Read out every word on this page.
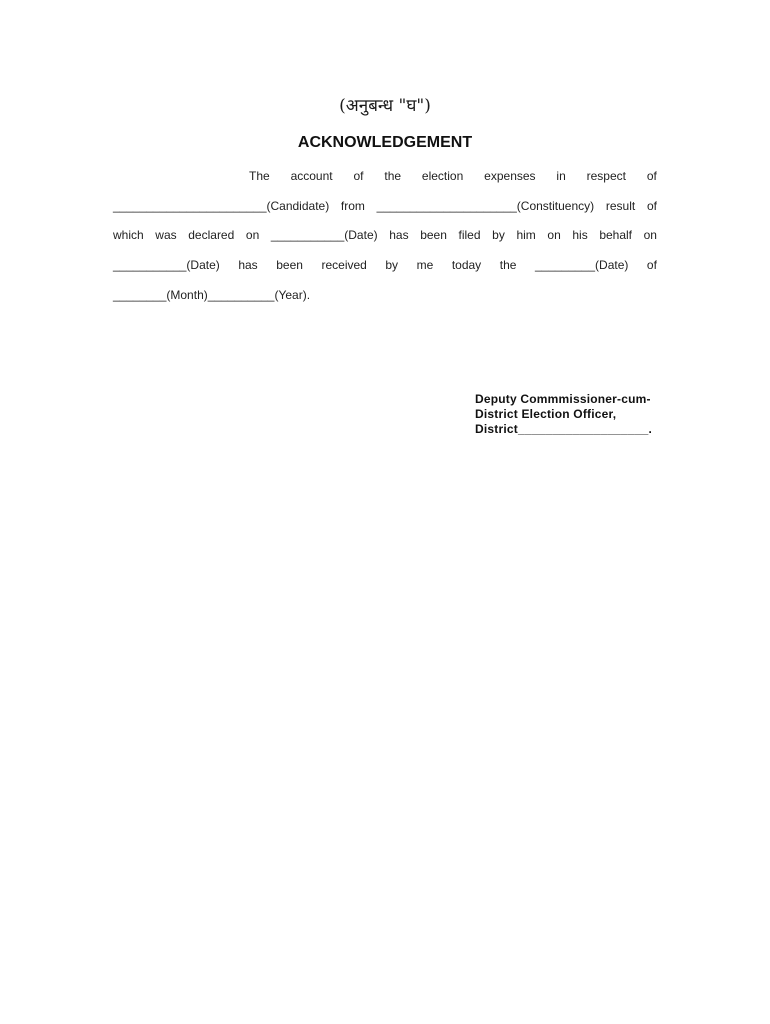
(अनुबन्ध "घ")
ACKNOWLEDGEMENT
The account of the election expenses in respect of
_______________________(Candidate) from _____________________(Constituency) result of
which was declared on ___________(Date) has been filed by him on his behalf on
___________(Date) has been received by me today the _________(Date) of
________(Month)__________(Year).
Deputy Commmissioner-cum-
District Election Officer,
District___________________.
